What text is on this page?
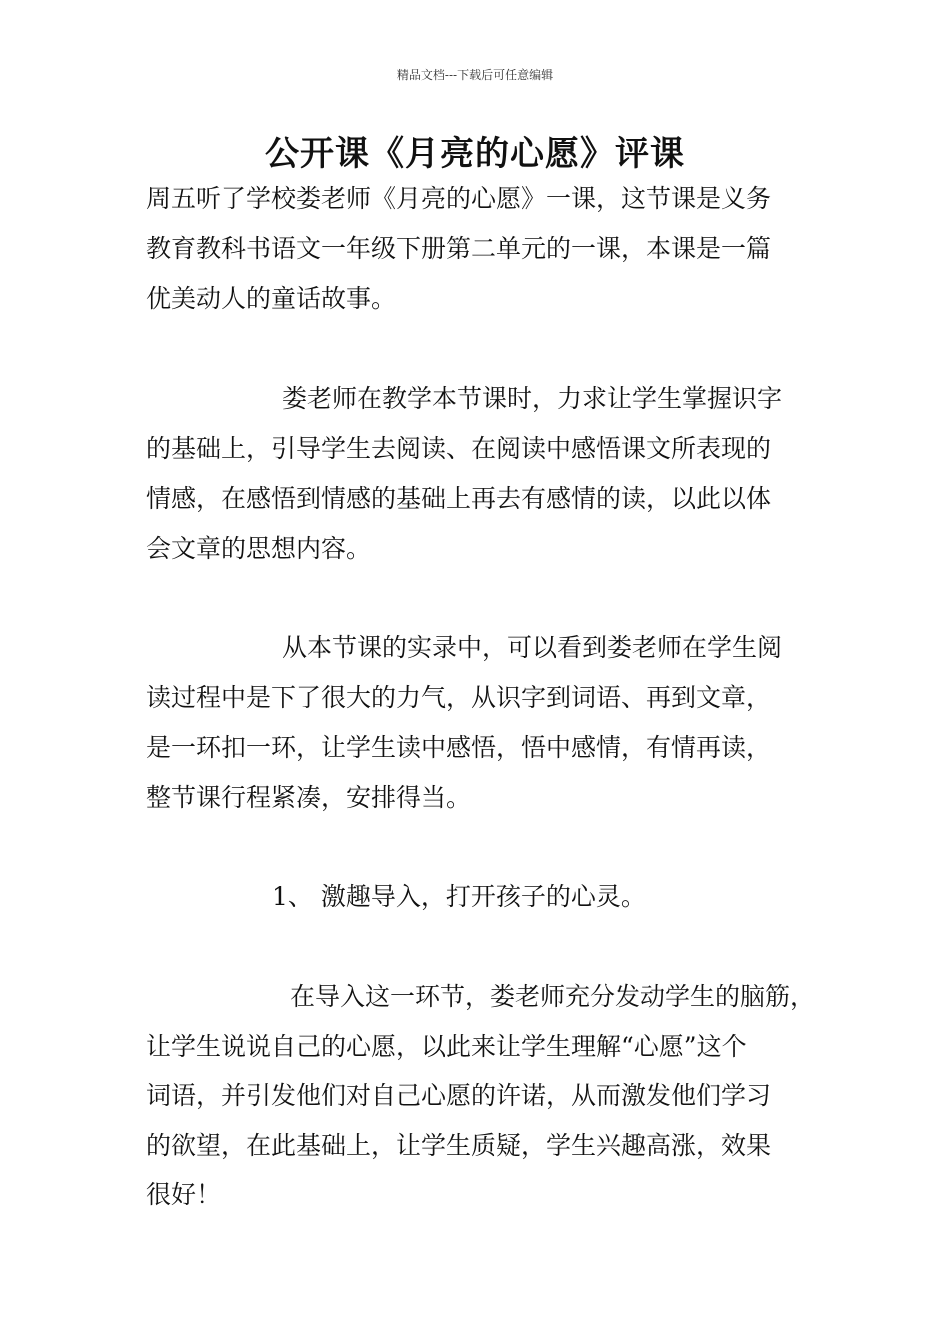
精品文档---下载后可任意编辑
公开课《月亮的心愿》评课
周五听了学校娄老师《月亮的心愿》一课，这节课是义务
教育教科书语文一年级下册第二单元的一课，本课是一篇
优美动人的童话故事。
娄老师在教学本节课时，力求让学生掌握识字
的基础上，引导学生去阅读、在阅读中感悟课文所表现的
情感，在感悟到情感的基础上再去有感情的读，以此以体
会文章的思想内容。
从本节课的实录中，可以看到娄老师在学生阅
读过程中是下了很大的力气，从识字到词语、再到文章，
是一环扣一环，让学生读中感悟，悟中感情，有情再读，
整节课行程紧凑，安排得当。
1、 激趣导入，打开孩子的心灵。
在导入这一环节，娄老师充分发动学生的脑筋，
让学生说说自己的心愿，以此来让学生理解“心愿”这个
词语，并引发他们对自己心愿的许诺，从而激发他们学习
的欲望，在此基础上，让学生质疑，学生兴趣高涨，效果
很好！
